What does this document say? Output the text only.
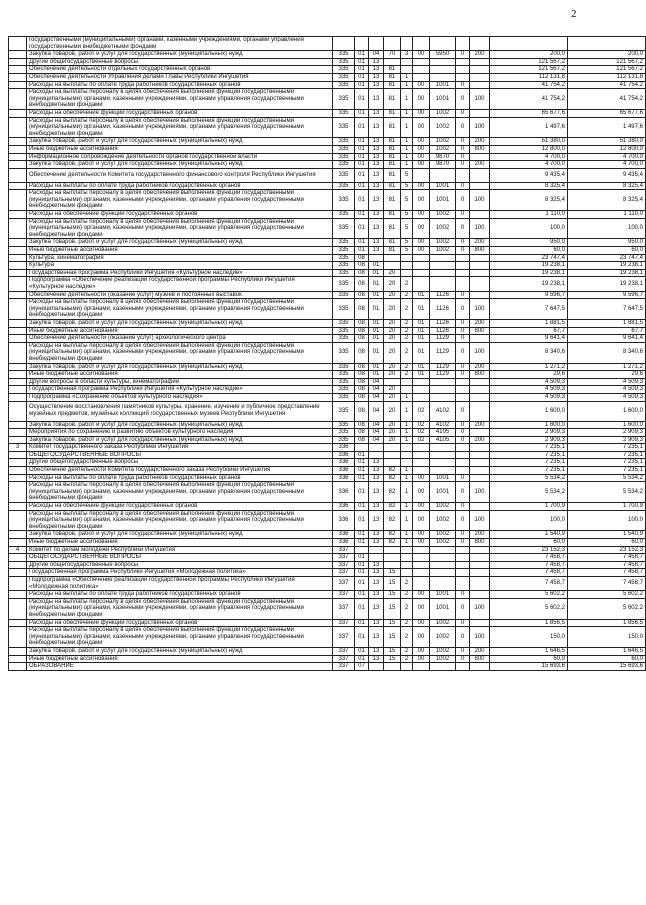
2
	государственными (муниципальными) органами, казенными учреждениями, органами управления государственными внебюджетными фондами											
	Закупка товаров, работ и услуг для государственных (муниципальных) нужд	335	01	04	70	3	00	5950	0	200	200,0	200,0
	Другие общегосударственные вопросы	335	01	13							121 567,2	121 567,2
	Обеспечение деятельности отдельных государственных органов	335	01	13	81						121 567,2	121 567,2
	Обеспечение деятельности Управления делами Главы Республики Ингушетия	335	01	13	81	1					112 131,8	112 131,8
	Расходы на выплаты по оплате труда работников государственных органов	335	01	13	81	1	00	1001	0		41 754,2	41 754,2
	Расходы на выплаты персоналу в целях обеспечения выполнения функций государственными (муниципальными) органами, казенными учреждениями, органами управления государственными внебюджетными фондами	335	01	13	81	1	00	1001	0	100	41 754,2	41 754,2
	Расходы на обеспечение функций государственных органов	335	01	13	81	1	00	1002	0		65 677,6	65 677,6
	Расходы на выплаты персоналу в целях обеспечения выполнения функций государственными (муниципальными) органами, казенными учреждениями, органами управления государственными внебюджетными фондами	335	01	13	81	1	00	1002	0	100	1 497,6	1 497,6
	Закупка товаров, работ и услуг для государственных (муниципальных) нужд	335	01	13	81	1	00	1002	0	200	51 380,0	51 380,0
	Иные бюджетные ассигнования	335	01	13	81	1	00	1002	0	800	12 800,0	12 800,0
	Информационное сопровождение деятельности органов государственной власти	335	01	13	81	1	00	9870	0		4 700,0	4 700,0
	Закупка товаров, работ и услуг для государственных (муниципальных) нужд	335	01	13	81	1	00	9870	0	200	4 700,0	4 700,0
	Обеспечение деятельности Комитета государственного финансового контроля Республики Ингушетия	335	01	13	81	5					9 435,4	9 435,4
	Расходы на выплаты по оплате труда работников государственных органов	335	01	13	81	5	00	1001	0		8 325,4	8 325,4
	Расходы на выплаты персоналу в целях обеспечения выполнения функций государственными (муниципальными) органами, казенными учреждениями, органами управления государственными внебюджетными фондами	335	01	13	81	5	00	1001	0	100	8 325,4	8 325,4
	Расходы на обеспечение функций государственных органов	335	01	13	81	5	00	1002	0		1 110,0	1 110,0
	Расходы на выплаты персоналу в целях обеспечения выполнения функций государственными (муниципальными) органами, казенными учреждениями, органами управления государственными внебюджетными фондами	335	01	13	81	5	00	1002	0	100	100,0	100,0
	Закупка товаров, работ и услуг для государственных (муниципальных) нужд	335	01	13	81	5	00	1002	0	200	950,0	950,0
	Иные бюджетные ассигнования	335	01	13	81	5	00	1002	0	800	60,0	60,0
	Культура, кинематография	335	08								23 747,4	23 747,4
	Культура	335	08	01							19 238,1	19 238,1
	Государственная программа Республики Ингушетия «Культурное наследие»	335	08	01	20						19 238,1	19 238,1
	Подпрограмма «Обеспечение реализации государственной программы Республики Ингушетия «Культурное наследие»	335	08	01	20	2					19 238,1	19 238,1
	Обеспечение деятельности (оказание услуг) музеев и постоянных выставок	335	08	01	20	2	01	1126	0		9 596,7	9 596,7
	Расходы на выплаты персоналу в целях обеспечения выполнения функций государственными (муниципальными) органами, казенными учреждениями, органами управления государственными внебюджетными фондами	335	08	01	20	2	01	1126	0	100	7 647,5	7 647,5
	Закупка товаров, работ и услуг для государственных (муниципальных) нужд	335	08	01	20	2	01	1126	0	200	1 881,5	1 881,5
	Иные бюджетные ассигнования	335	08	01	20	2	01	1126	0	800	67,7	67,7
	Обеспечение деятельности (оказание услуг) археологического центра	335	08	01	20	2	01	1129	0		9 641,4	9 641,4
	Расходы на выплаты персоналу в целях обеспечения выполнения функций государственными (муниципальными) органами, казенными учреждениями, органами управления государственными внебюджетными фондами	335	08	01	20	2	01	1129	0	100	8 340,6	8 340,6
	Закупка товаров, работ и услуг для государственных (муниципальных) нужд	335	08	01	20	2	01	1129	0	200	1 271,2	1 271,2
	Иные бюджетные ассигнования	335	08	01	20	2	01	1129	0	800	29,6	29,6
	Другие вопросы в области культуры, кинематографии	335	08	04							4 509,3	4 509,3
	Государственная программа Республики Ингушетия «Культурное наследие»	335	08	04	20						4 509,3	4 509,3
	Подпрограмма «Сохранение объектов культурного наследия»	335	08	04	20	1					4 509,3	4 509,3
	Осуществление восстановления памятников культуры, хранение, изучение и публичное представление музейных предметов, музейных коллекций государственных музеев Республики Ингушетия	335	08	04	20	1	02	4102	0		1 600,0	1 600,0
	Закупка товаров, работ и услуг для государственных (муниципальных) нужд	335	08	04	20	1	02	4102	0	200	1 600,0	1 600,0
	Мероприятия по сохранению и развитию объектов культурного наследия	335	08	04	20	1	02	4105	0		2 909,3	2 909,3
	Закупка товаров, работ и услуг для государственных (муниципальных) нужд	335	08	04	20	1	02	4105	0	200	2 909,3	2 909,3
3	Комитет государственного заказа Республики Ингушетия	336									7 235,1	7 235,1
	ОБЩЕГОСУДАРСТВЕННЫЕ ВОПРОСЫ	336	01								7 235,1	7 235,1
	Другие общегосударственные вопросы	336	01	13							7 235,1	7 235,1
	Обеспечение деятельности Комитета государственного заказа Республики Ингушетия	336	01	13	82	1					7 235,1	7 235,1
	Расходы на выплаты по оплате труда работников государственных органов	336	01	13	82	1	00	1001	0		5 534,2	5 534,2
	Расходы на выплаты персоналу в целях обеспечения выполнения функций государственными (муниципальными) органами, казенными учреждениями, органами управления государственными внебюджетными фондами	336	01	13	82	1	00	1001	0	100	5 534,2	5 534,2
	Расходы на обеспечение функций государственных органов	336	01	13	82	1	00	1002	0		1 700,9	1 700,9
	Расходы на выплаты персоналу в целях обеспечения выполнения функций государственными (муниципальными) органами, казенными учреждениями, органами управления государственными внебюджетными фондами	336	01	13	82	1	00	1002	0	100	100,0	100,0
	Закупка товаров, работ и услуг для государственных (муниципальных) нужд	336	01	13	82	1	00	1002	0	200	1 540,9	1 540,9
	Иные бюджетные ассигнования	336	01	13	82	1	00	1002	0	800	60,0	60,0
4	Комитет по делам молодежи Республики Ингушетия	337									23 152,3	23 152,3
	ОБЩЕГОСУДАРСТВЕННЫЕ ВОПРОСЫ	337	01								7 458,7	7 458,7
	Другие общегосударственные вопросы	337	01	13							7 458,7	7 458,7
	Государственная программа Республики Ингушетия «Молодежная политика»	337	01	13	15						7 458,7	7 458,7
	Подпрограмма «Обеспечение реализации государственной программы Республики Ингушетия «Молодежная политика»	337	01	13	15	2					7 458,7	7 458,7
	Расходы на выплаты по оплате труда работников государственных органов	337	01	13	15	2	00	1001	0		5 602,2	5 602,2
	Расходы на выплаты персоналу в целях обеспечения выполнения функций государственными (муниципальными) органами, казенными учреждениями, органами управления государственными внебюджетными фондами	337	01	13	15	2	00	1001	0	100	5 602,2	5 602,2
	Расходы на обеспечение функций государственных органов	337	01	13	15	2	00	1002	0		1 856,5	1 856,5
	Расходы на выплаты персоналу в целях обеспечения выполнения функций государственными (муниципальными) органами, казенными учреждениями, органами управления государственными внебюджетными фондами	337	01	13	15	2	00	1002	0	100	150,0	150,0
	Закупка товаров, работ и услуг для государственных (муниципальных) нужд	337	01	13	15	2	00	1002	0	200	1 646,5	1 646,5
	Иные бюджетные ассигнования	337	01	13	15	2	00	1002	0	800	60,0	60,0
	ОБРАЗОВАНИЕ	337	07								15 693,6	15 693,6
